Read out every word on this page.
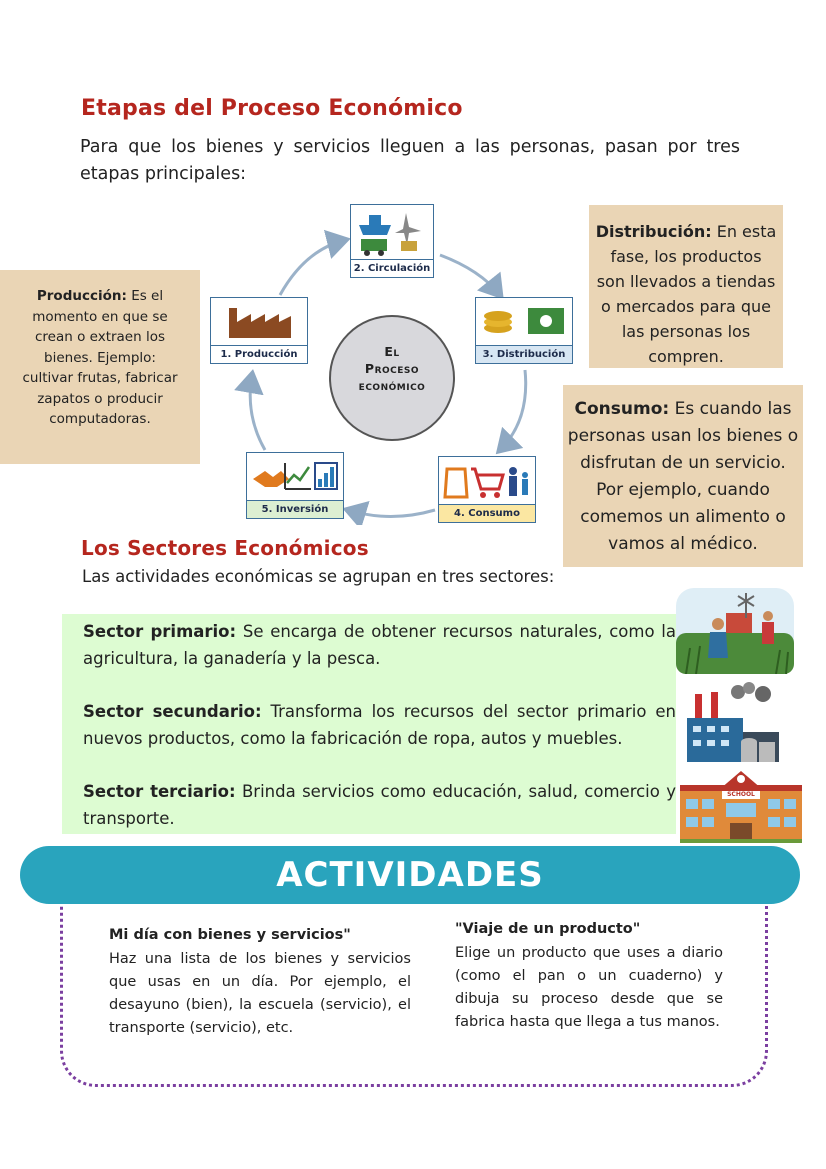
Etapas del Proceso Económico
Para que los bienes y servicios lleguen a las personas, pasan por tres etapas principales:
El
Proceso
económico
1. Producción
2. Circulación
3. Distribución
4. Consumo
5. Inversión
Producción: Es el momento en que se crean o extraen los bienes. Ejemplo: cultivar frutas, fabricar zapatos o producir computadoras.
Distribución: En esta fase, los productos son llevados a tiendas o mercados para que las personas los compren.
Consumo: Es cuando las personas usan los bienes o disfrutan de un servicio. Por ejemplo, cuando comemos un alimento o vamos al médico.
Los Sectores Económicos
Las actividades económicas se agrupan en tres sectores:

Sector primario: Se encarga de obtener recursos naturales, como la agricultura, la ganadería y la pesca.

Sector secundario: Transforma los recursos del sector primario en nuevos productos, como la fabricación de ropa, autos y muebles.

Sector terciario: Brinda servicios como educación, salud, comercio y transporte.

SCHOOL
ACTIVIDADES
Mi día con bienes y servicios"
Haz una lista de los bienes y servicios que usas en un día. Por ejemplo, el desayuno (bien), la escuela (servicio), el transporte (servicio), etc.
"Viaje de un producto"
Elige un producto que uses a diario (como el pan o un cuaderno) y dibuja su proceso desde que se fabrica hasta que llega a tus manos.
